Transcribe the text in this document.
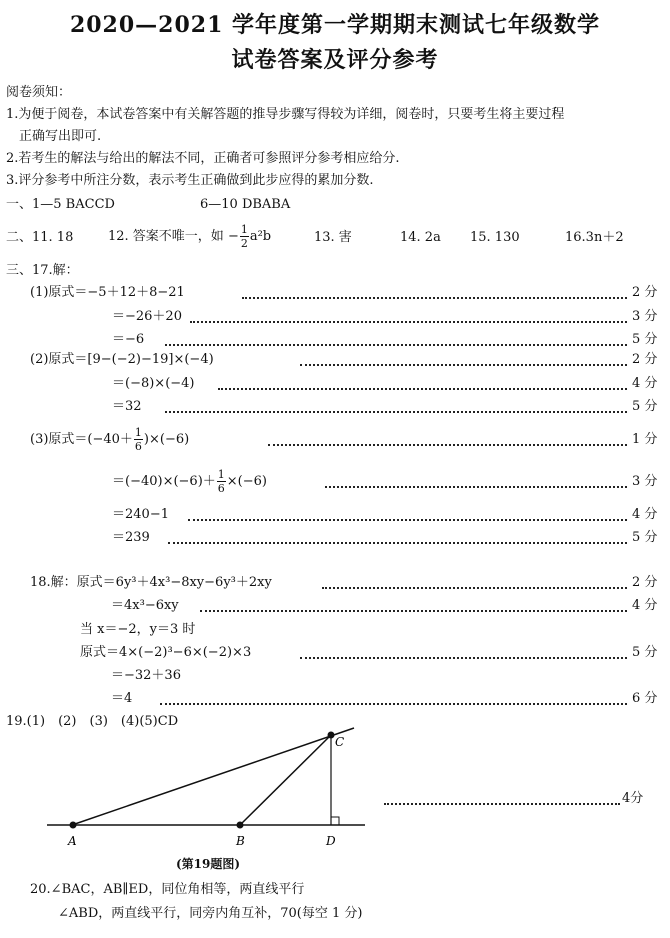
2020—2021 学年度第一学期期末测试七年级数学
试卷答案及评分参考
阅卷须知：
1.为便于阅卷，本试卷答案中有关解答题的推导步骤写得较为详细，阅卷时，只要考生将主要过程
正确写出即可.
2.若考生的解法与给出的解法不同，正确者可参照评分参考相应给分.
3.评分参考中所注分数，表示考生正确做到此步应得的累加分数.
一、1—5 BACCD	6—10 DBABA
二、11. 18	12. 答案不唯一，如 − $\frac{1}{2} a^2b$	13. 害	14. 2a 15. 130	16.3n＋2
三、17.解：
(1)原式＝−5＋12＋8−21	2 分
＝−26＋20	3 分
＝−6	5 分
(2)原式＝[9−(−2)−19]×(−4)	2 分
＝(−8)×(−4)	4 分
＝32	5 分
(3)原式$=(-40+ \frac{1}{6} )\times(-6)$	1 分
$=(-40)\times(-6)+ \frac{1}{6} \times(-6)$	3 分
＝240−1	4 分
＝239	5 分
18.解：原式＝6y³＋4x³−8xy−6y³＋2xy	2 分
＝4x³−6xy	4 分
当 x＝−2，y＝3 时
原式＝4×(−2)³−6×(−2)×3	5 分
＝−32＋36
＝4	6 分
19.(1)　(2)　(3)　(4)(5)CD
A	B
C
D
4分
(第19题图)
20.∠BAC，AB∥ED，同位角相等，两直线平行
∠ABD，两直线平行，同旁内角互补，70(每空 1 分)
